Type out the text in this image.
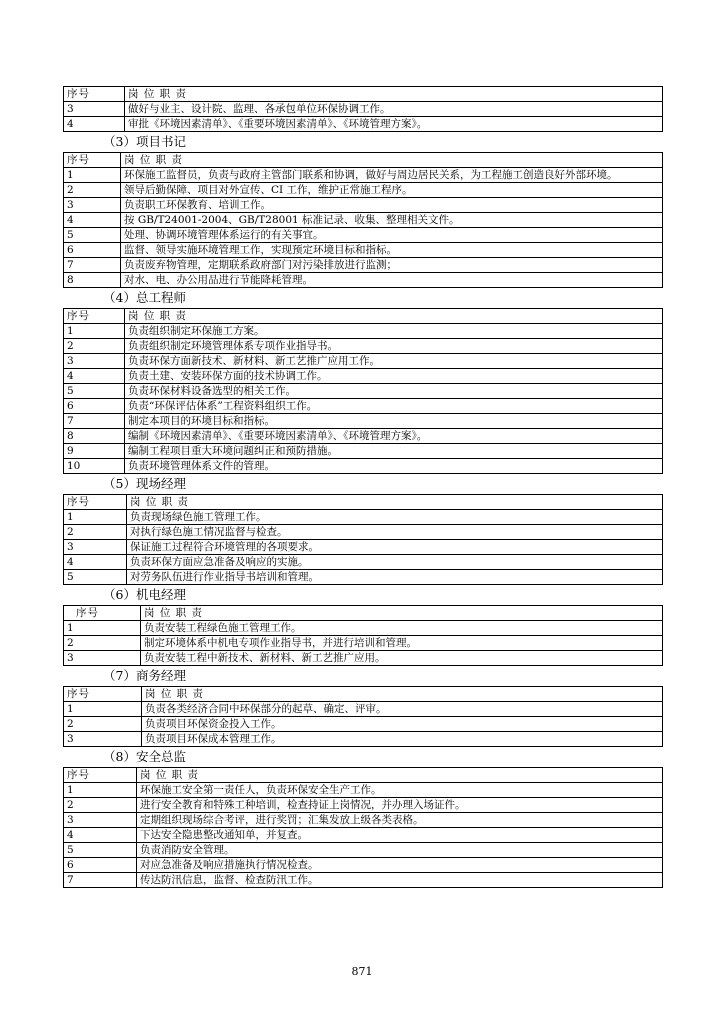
序号	岗 位 职 责
3	做好与业主、设计院、监理、各承包单位环保协调工作。
4	审批《环境因素清单》、《重要环境因素清单》、《环境管理方案》。
（3）项目书记
序号	岗 位 职 责
1	环保施工监督员，负责与政府主管部门联系和协调，做好与周边居民关系，为工程施工创造良好外部环境。
2	领导后勤保障、项目对外宣传、CI 工作，维护正常施工程序。
3	负责职工环保教育、培训工作。
4	按 GB/T24001-2004、GB/T28001 标准记录、收集、整理相关文件。
5	处理、协调环境管理体系运行的有关事宜。
6	监督、领导实施环境管理工作，实现预定环境目标和指标。
7	负责废弃物管理，定期联系政府部门对污染排放进行监测；
8	对水、电、办公用品进行节能降耗管理。
（4）总工程师
序号	岗 位 职 责
1	负责组织制定环保施工方案。
2	负责组织制定环境管理体系专项作业指导书。
3	负责环保方面新技术、新材料、新工艺推广应用工作。
4	负责土建、安装环保方面的技术协调工作。
5	负责环保材料设备选型的相关工作。
6	负责“环保评估体系”工程资料组织工作。
7	制定本项目的环境目标和指标。
8	编制《环境因素清单》、《重要环境因素清单》、《环境管理方案》。
9	编制工程项目重大环境问题纠正和预防措施。
10	负责环境管理体系文件的管理。
（5）现场经理
序号	岗 位 职 责
1	负责现场绿色施工管理工作。
2	对执行绿色施工情况监督与检查。
3	保证施工过程符合环境管理的各项要求。
4	负责环保方面应急准备及响应的实施。
5	对劳务队伍进行作业指导书培训和管理。
（6）机电经理
序号	岗 位 职 责
1	负责安装工程绿色施工管理工作。
2	制定环境体系中机电专项作业指导书，并进行培训和管理。
3	负责安装工程中新技术、新材料、新工艺推广应用。
（7）商务经理
序号	岗 位 职 责
1	负责各类经济合同中环保部分的起草、确定、评审。
2	负责项目环保资金投入工作。
3	负责项目环保成本管理工作。
（8）安全总监
序号	岗 位 职 责
1	环保施工安全第一责任人，负责环保安全生产工作。
2	进行安全教育和特殊工种培训，检查持证上岗情况，并办理入场证件。
3	定期组织现场综合考评，进行奖罚；汇集发放上级各类表格。
4	下达安全隐患整改通知单，并复查。
5	负责消防安全管理。
6	对应急准备及响应措施执行情况检查。
7	传达防汛信息，监督、检查防汛工作。
871
